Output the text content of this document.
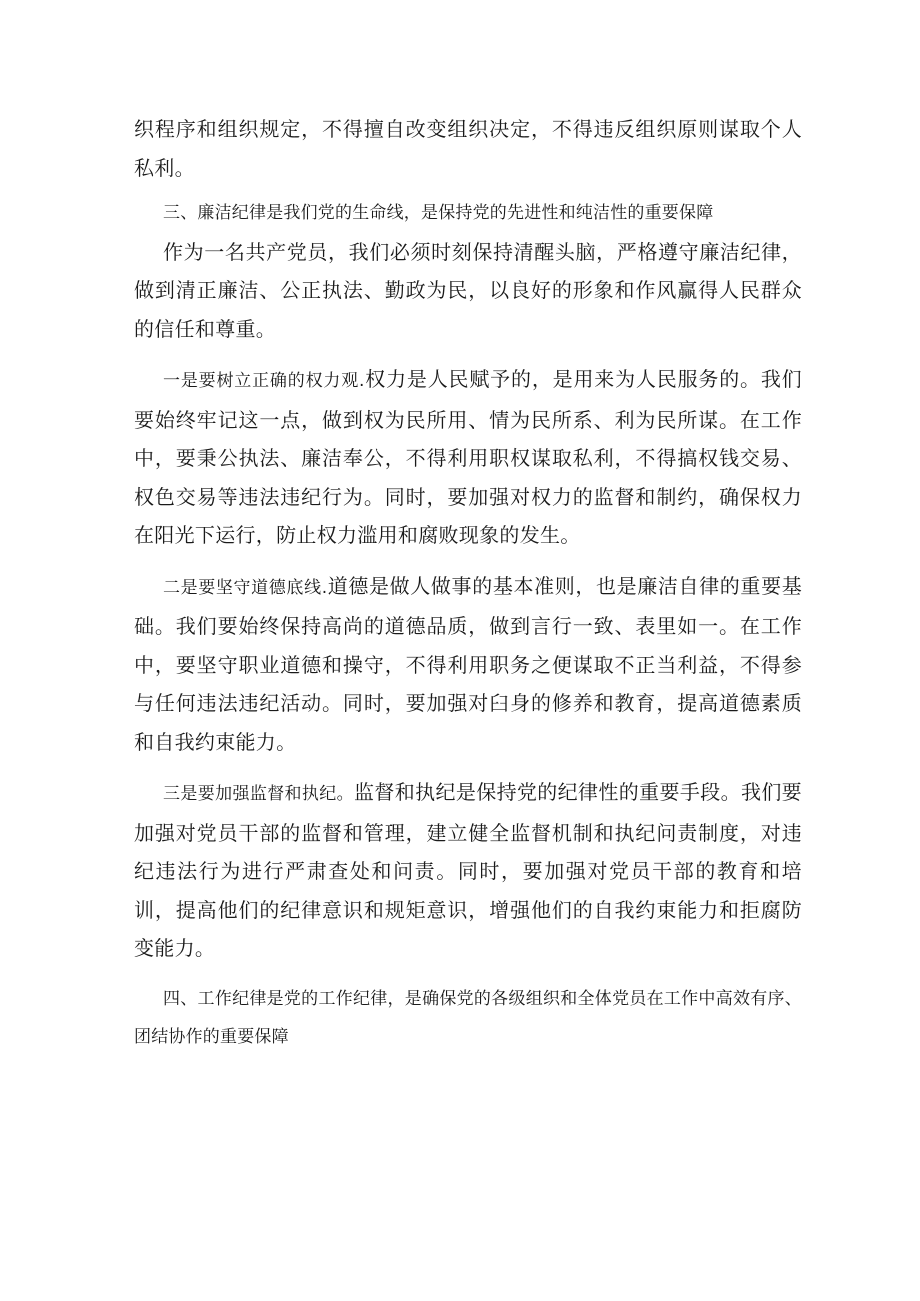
织程序和组织规定，不得擅自改变组织决定，不得违反组织原则谋取个人私利。

三、廉洁纪律是我们党的生命线，是保持党的先进性和纯洁性的重要保障

作为一名共产党员，我们必须时刻保持清醒头脑，严格遵守廉洁纪律，做到清正廉洁、公正执法、勤政为民，以良好的形象和作风赢得人民群众的信任和尊重。

一是要树立正确的权力观.权力是人民赋予的，是用来为人民服务的。我们要始终牢记这一点，做到权为民所用、情为民所系、利为民所谋。在工作中，要秉公执法、廉洁奉公，不得利用职权谋取私利，不得搞权钱交易、权色交易等违法违纪行为。同时，要加强对权力的监督和制约，确保权力在阳光下运行，防止权力滥用和腐败现象的发生。

二是要坚守道德底线.道德是做人做事的基本准则，也是廉洁自律的重要基础。我们要始终保持高尚的道德品质，做到言行一致、表里如一。在工作中，要坚守职业道德和操守，不得利用职务之便谋取不正当利益，不得参与任何违法违纪活动。同时，要加强对臼身的修养和教育，提高道德素质和自我约束能力。

三是要加强监督和执纪。监督和执纪是保持党的纪律性的重要手段。我们要加强对党员干部的监督和管理，建立健全监督机制和执纪问责制度，对违纪违法行为进行严肃查处和问责。同时，要加强对党员干部的教育和培训，提高他们的纪律意识和规矩意识，增强他们的自我约束能力和拒腐防变能力。

四、工作纪律是党的工作纪律，是确保党的各级组织和全体党员在工作中高效有序、团结协作的重要保障
